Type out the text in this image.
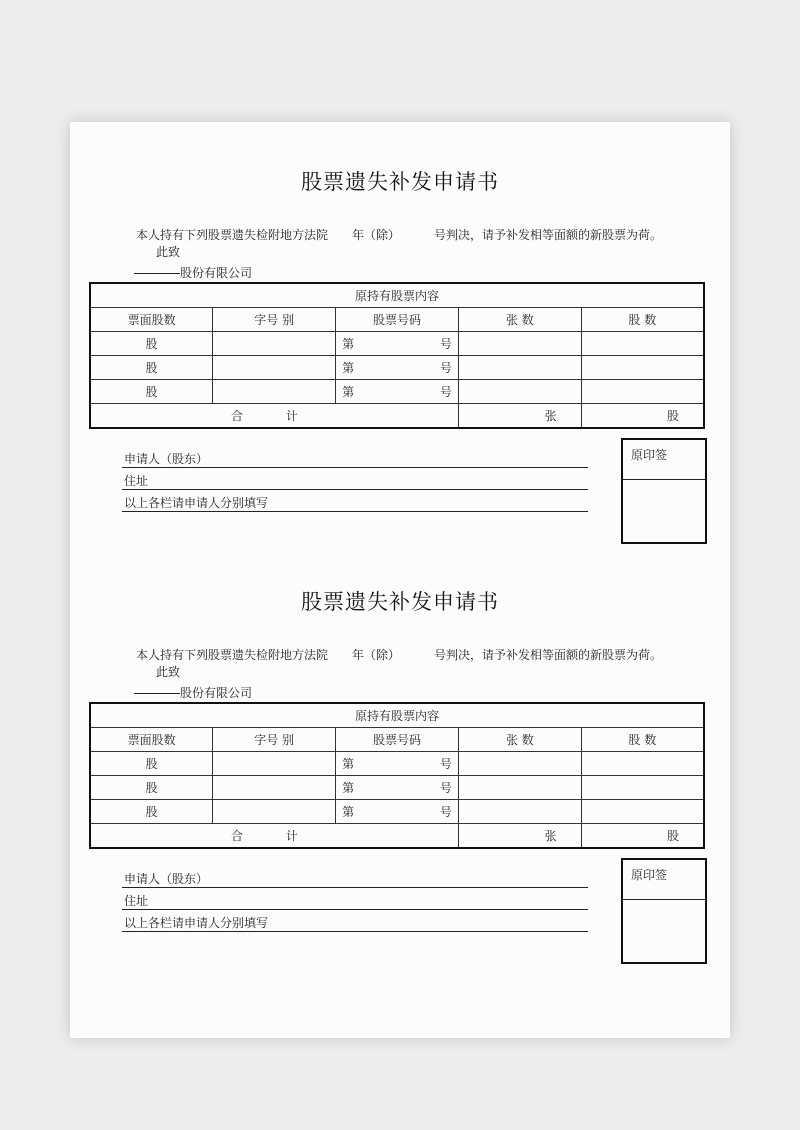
股票遗失补发申请书
本人持有下列股票遗失检附地方法院 年（除）	号判决，请予补发相等面额的新股票为荷。
此致
股份有限公司
原持有股票内容				
票面股数	字号 别	股票号码	张 数	股 数
股		第 号		

股		第 号		

股		第 号		

合 计			张	股
申请人（股东）
住址
以上各栏请申请人分别填写
原印签
股票遗失补发申请书
本人持有下列股票遗失检附地方法院 年（除）	号判决，请予补发相等面额的新股票为荷。
此致
股份有限公司
原持有股票内容				
票面股数	字号 别	股票号码	张 数	股 数
股		第 号		

股		第 号		

股		第 号		

合 计			张	股
申请人（股东）
住址
以上各栏请申请人分别填写
原印签
